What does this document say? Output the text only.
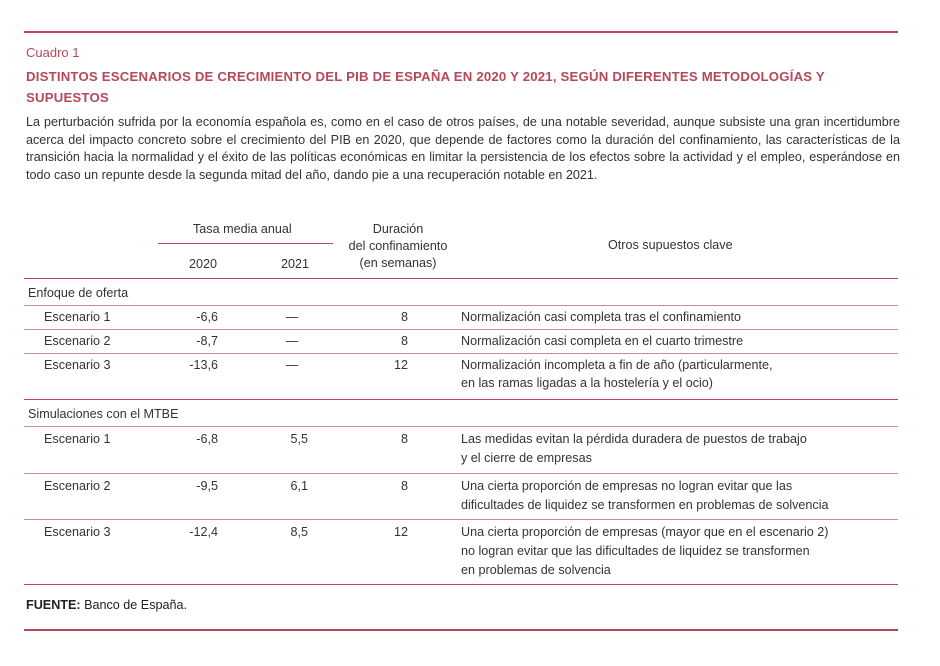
Cuadro 1
DISTINTOS ESCENARIOS DE CRECIMIENTO DEL PIB DE ESPAÑA EN 2020 Y 2021, SEGÚN DIFERENTES METODOLOGÍAS Y SUPUESTOS
La perturbación sufrida por la economía española es, como en el caso de otros países, de una notable severidad, aunque subsiste una gran incertidumbre acerca del impacto concreto sobre el crecimiento del PIB en 2020, que depende de factores como la duración del confinamiento, las características de la transición hacia la normalidad y el éxito de las políticas económicas en limitar la persistencia de los efectos sobre la actividad y el empleo, esperándose en todo caso un repunte desde la segunda mitad del año, dando pie a una recuperación notable en 2021.
Tasa media anual
2020	2021
Duración
del confinamiento
(en semanas)
Otros supuestos clave
Enfoque de oferta
Escenario 1	-6,6	—	8	Normalización casi completa tras el confinamiento
Escenario 2	-8,7	—	8	Normalización casi completa en el cuarto trimestre
Escenario 3	-13,6	—	12	Normalización incompleta a fin de año (particularmente,
en las ramas ligadas a la hostelería y el ocio)
Simulaciones con el MTBE
Escenario 1	-6,8	5,5	8	Las medidas evitan la pérdida duradera de puestos de trabajo
y el cierre de empresas
Escenario 2	-9,5	6,1	8	Una cierta proporción de empresas no logran evitar que las
dificultades de liquidez se transformen en problemas de solvencia
Escenario 3	-12,4	8,5	12	Una cierta proporción de empresas (mayor que en el escenario 2)
no logran evitar que las dificultades de liquidez se transformen
en problemas de solvencia
FUENTE: Banco de España.
